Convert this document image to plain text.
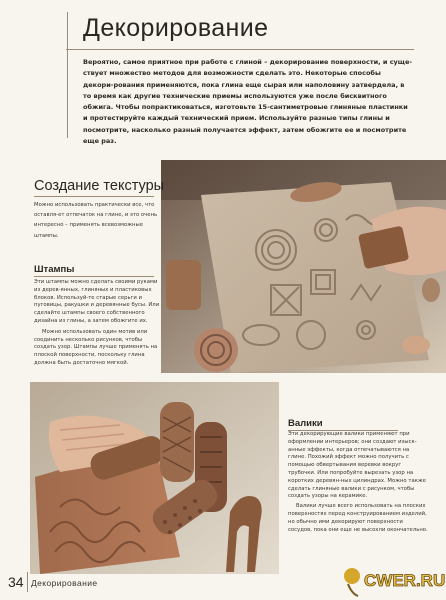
Декорирование

Вероятно, самое приятное при работе с глиной – декорирование поверхности, и суще-ствует множество методов для возможности сделать это. Некоторые способы декори-рования применяются, пока глина еще сырая или наполовину затвердела, в то время как другие технические приемы используются уже после бисквитного обжига. Чтобы попрактиковаться, изготовьте 15-сантиметровые глиняные пластинки и протестируйте каждый технический прием. Используйте разные типы глины и посмотрите, насколько разный получается эффект, затем обожгите ее и посмотрите еще раз.

Создание текстуры

Можно использовать практически все, что оставля-ет отпечаток на глине, и это очень интересно – применять всевозможные штампы.

Штампы

Эти штампы можно сделать своими руками из дерев-янных, глиняных и пластиковых блоков. Используй-те старые серьги и пуговицы, ракушки и деревянные бусы. Или сделайте штампы своего собственного дизайна из глины, а затем обожгите их.

Можно использовать один мотив или соединить несколько рисунков, чтобы создать узор. Штампы лучше применять на плоской поверхности, поскольку глина должна быть достаточно мягкой.

Валики

Эти декорирующие валики применяют при оформлении интерьеров; они создают изыск-анные эффекты, когда отпечатываются на глине. Похожий эффект можно получить с помощью обвертывания веревки вокруг трубочки. Или попробуйте вырезать узор на коротких деревян-ных цилиндрах. Можно также сделать глиняные валики с рисунком, чтобы создать узоры на керамике.

Валики лучше всего использовать на плоских поверхностях перед конструированием изделий, но обычно ими декорируют поверхности сосудов, пока они еще не высохли окончательно.

34 Декорирование	CWER.RU
